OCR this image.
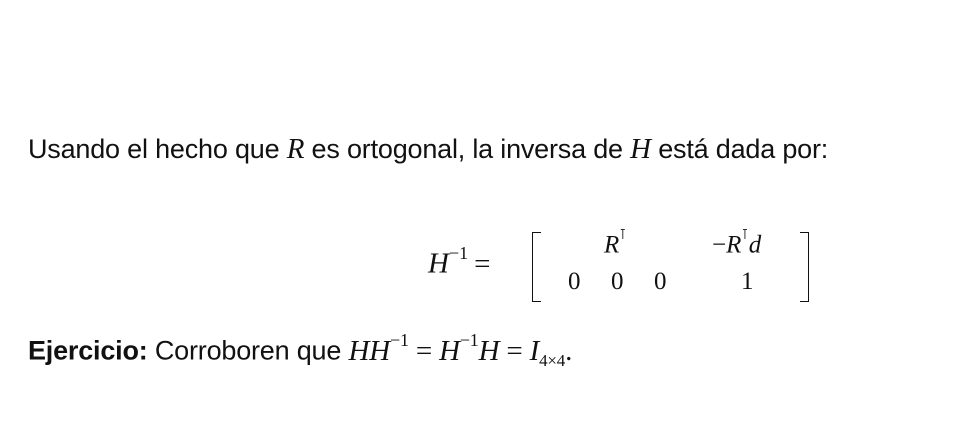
Usando el hecho que R es ortogonal, la inversa de H está dada por:
$H^{-1}$ =
R⊺	−R⊺d
0 0 0	1
Ejercicio: Corroboren que $HH^{-1} = H^{-1}H = I_{4\times 4}$.
